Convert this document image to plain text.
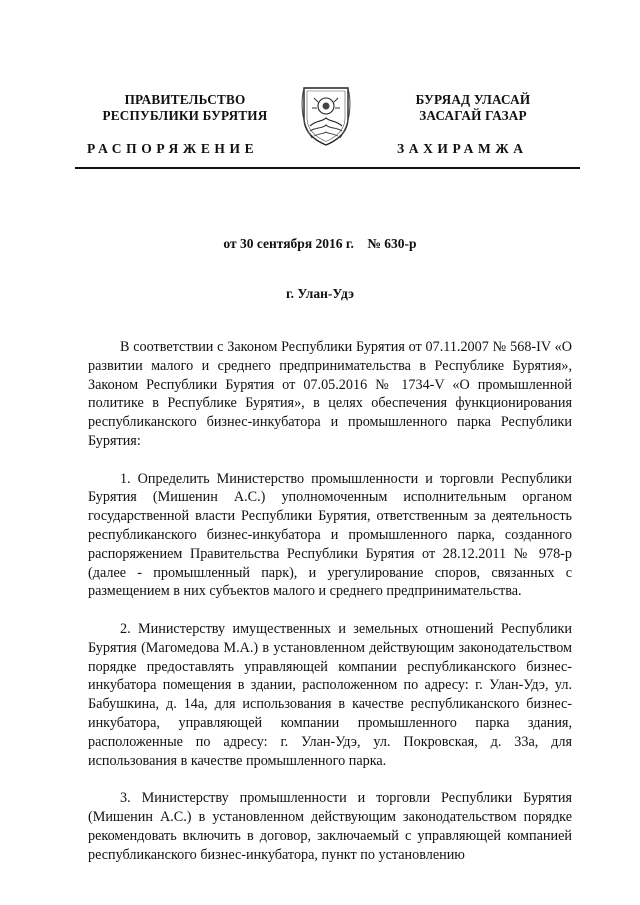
ПРАВИТЕЛЬСТВО
РЕСПУБЛИКИ БУРЯТИЯ
БУРЯАД УЛАСАЙ
ЗАСАГАЙ ГАЗАР
РАСПОРЯЖЕНИЕ	ЗАХИРАМЖА
от 30 сентября 2016 г.    № 630-р
г. Улан-Удэ

В соответствии с Законом Республики Бурятия от 07.11.2007 № 568-IV «О развитии малого и среднего предпринимательства в Республике Бурятия», Законом Республики Бурятия от 07.05.2016 № 1734-V «О промышленной политике в Республике Бурятия», в целях обеспечения функционирования республиканского бизнес-инкубатора и промышленного парка Республики Бурятия:

1. Определить Министерство промышленности и торговли Республики Бурятия (Мишенин А.С.) уполномоченным исполнительным органом государственной власти Республики Бурятия, ответственным за деятельность республиканского бизнес-инкубатора и промышленного парка, созданного распоряжением Правительства Республики Бурятия от 28.12.2011 № 978-р (далее - промышленный парк), и урегулирование споров, связанных с размещением в них субъектов малого и среднего предпринимательства.

2. Министерству имущественных и земельных отношений Республики Бурятия (Магомедова М.А.) в установленном действующим законодательством порядке предоставлять управляющей компании республиканского бизнес-инкубатора помещения в здании, расположенном по адресу: г. Улан-Удэ, ул. Бабушкина, д. 14а, для использования в качестве республиканского бизнес-инкубатора, управляющей компании промышленного парка здания, расположенные по адресу: г. Улан-Удэ, ул. Покровская, д. 33а, для использования в качестве промышленного парка.

3. Министерству промышленности и торговли Республики Бурятия (Мишенин А.С.) в установленном действующим законодательством порядке рекомендовать включить в договор, заключаемый с управляющей компанией республиканского бизнес-инкубатора, пункт по установлению
